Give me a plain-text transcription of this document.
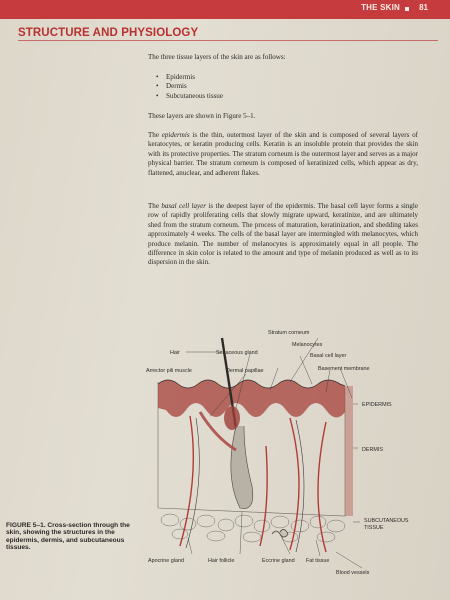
THE SKIN 81
STRUCTURE AND PHYSIOLOGY

The three tissue layers of the skin are as follows:

• Epidermis
• Dermis
• Subcutaneous tissue

These layers are shown in Figure 5–1.

The epidermis is the thin, outermost layer of the skin and is composed of several layers of keratocytes, or keratin producing cells. Keratin is an insoluble protein that provides the skin with its protective properties. The stratum corneum is the outermost layer and serves as a major physical barrier. The stratum corneum is composed of keratinized cells, which appear as dry, flattened, anuclear, and adherent flakes.

The basal cell layer is the deepest layer of the epidermis. The basal cell layer forms a single row of rapidly proliferating cells that slowly migrate upward, keratinize, and are ultimately shed from the stratum corneum. The process of maturation, keratinization, and shedding takes approximately 4 weeks. The cells of the basal layer are intermingled with melanocytes, which produce melanin. The number of melanocytes is approximately equal in all people. The difference in skin color is related to the amount and type of melanin produced as well as to its dispersion in the skin.

Stratum corneum
Melanocytes
Basal cell layer
Hair	Sebaceous gland
Arrector pili muscle	Dermal papillae	Basement membrane
EPIDERMIS
DERMIS
SUBCUTANEOUS
TISSUE
Apocrine gland	Hair follicle	Eccrine gland Fat tissue
Blood vessels
FIGURE 5–1. Cross-section through the skin, showing the structures in the epidermis, dermis, and subcutaneous tissues.
